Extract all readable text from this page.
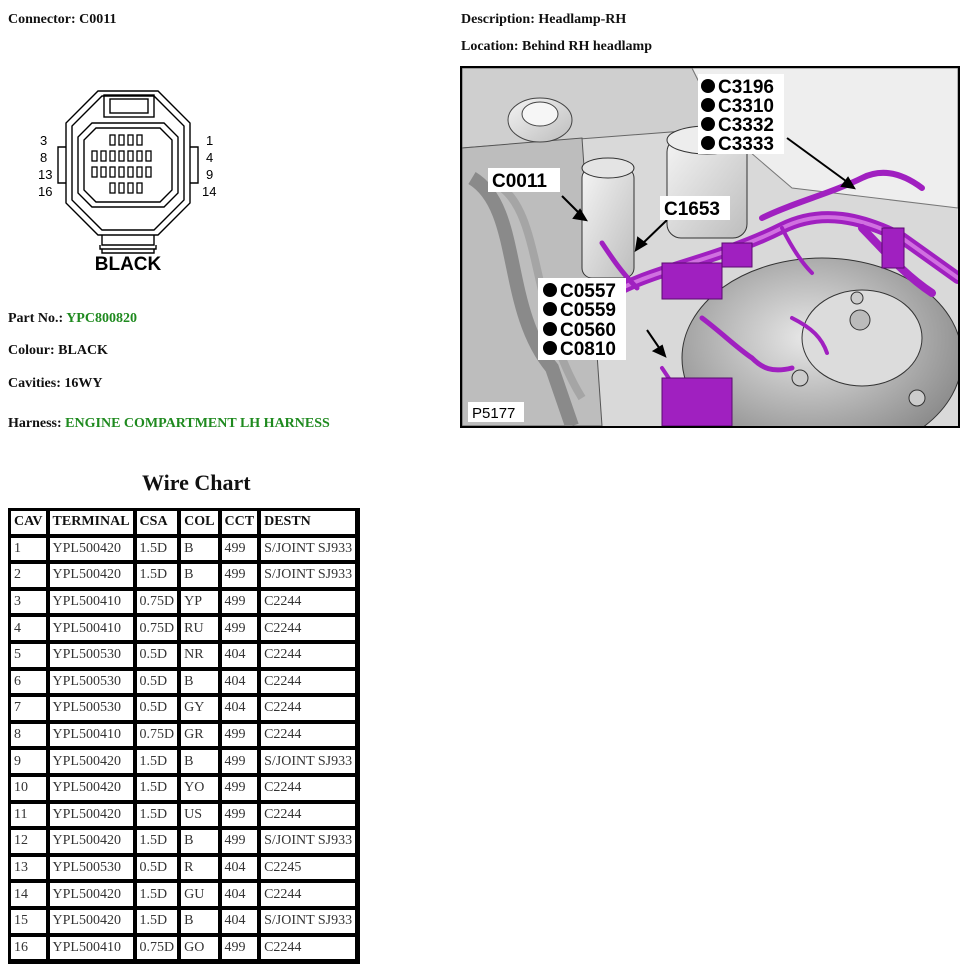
Connector: C0011	Description: Headlamp-RH
Location: Behind RH headlamp
3
8
13
16
1
4
9
14
BLACK
Part No.: YPC800820
Colour: BLACK
Cavities: 16WY
Harness: ENGINE COMPARTMENT LH HARNESS
C3196
C3310
C3332
C3333
C0011
C1653
C0557
C0559
C0560
C0810
P5177
Wire Chart
CAV	TERMINAL	CSA	COL	CCT	DESTN
1	YPL500420	1.5D	B	499	S/JOINT SJ933
2	YPL500420	1.5D	B	499	S/JOINT SJ933
3	YPL500410	0.75D	YP	499	C2244
4	YPL500410	0.75D	RU	499	C2244
5	YPL500530	0.5D	NR	404	C2244
6	YPL500530	0.5D	B	404	C2244
7	YPL500530	0.5D	GY	404	C2244
8	YPL500410	0.75D	GR	499	C2244
9	YPL500420	1.5D	B	499	S/JOINT SJ933
10	YPL500420	1.5D	YO	499	C2244
11	YPL500420	1.5D	US	499	C2244
12	YPL500420	1.5D	B	499	S/JOINT SJ933
13	YPL500530	0.5D	R	404	C2245
14	YPL500420	1.5D	GU	404	C2244
15	YPL500420	1.5D	B	404	S/JOINT SJ933
16	YPL500410	0.75D	GO	499	C2244
